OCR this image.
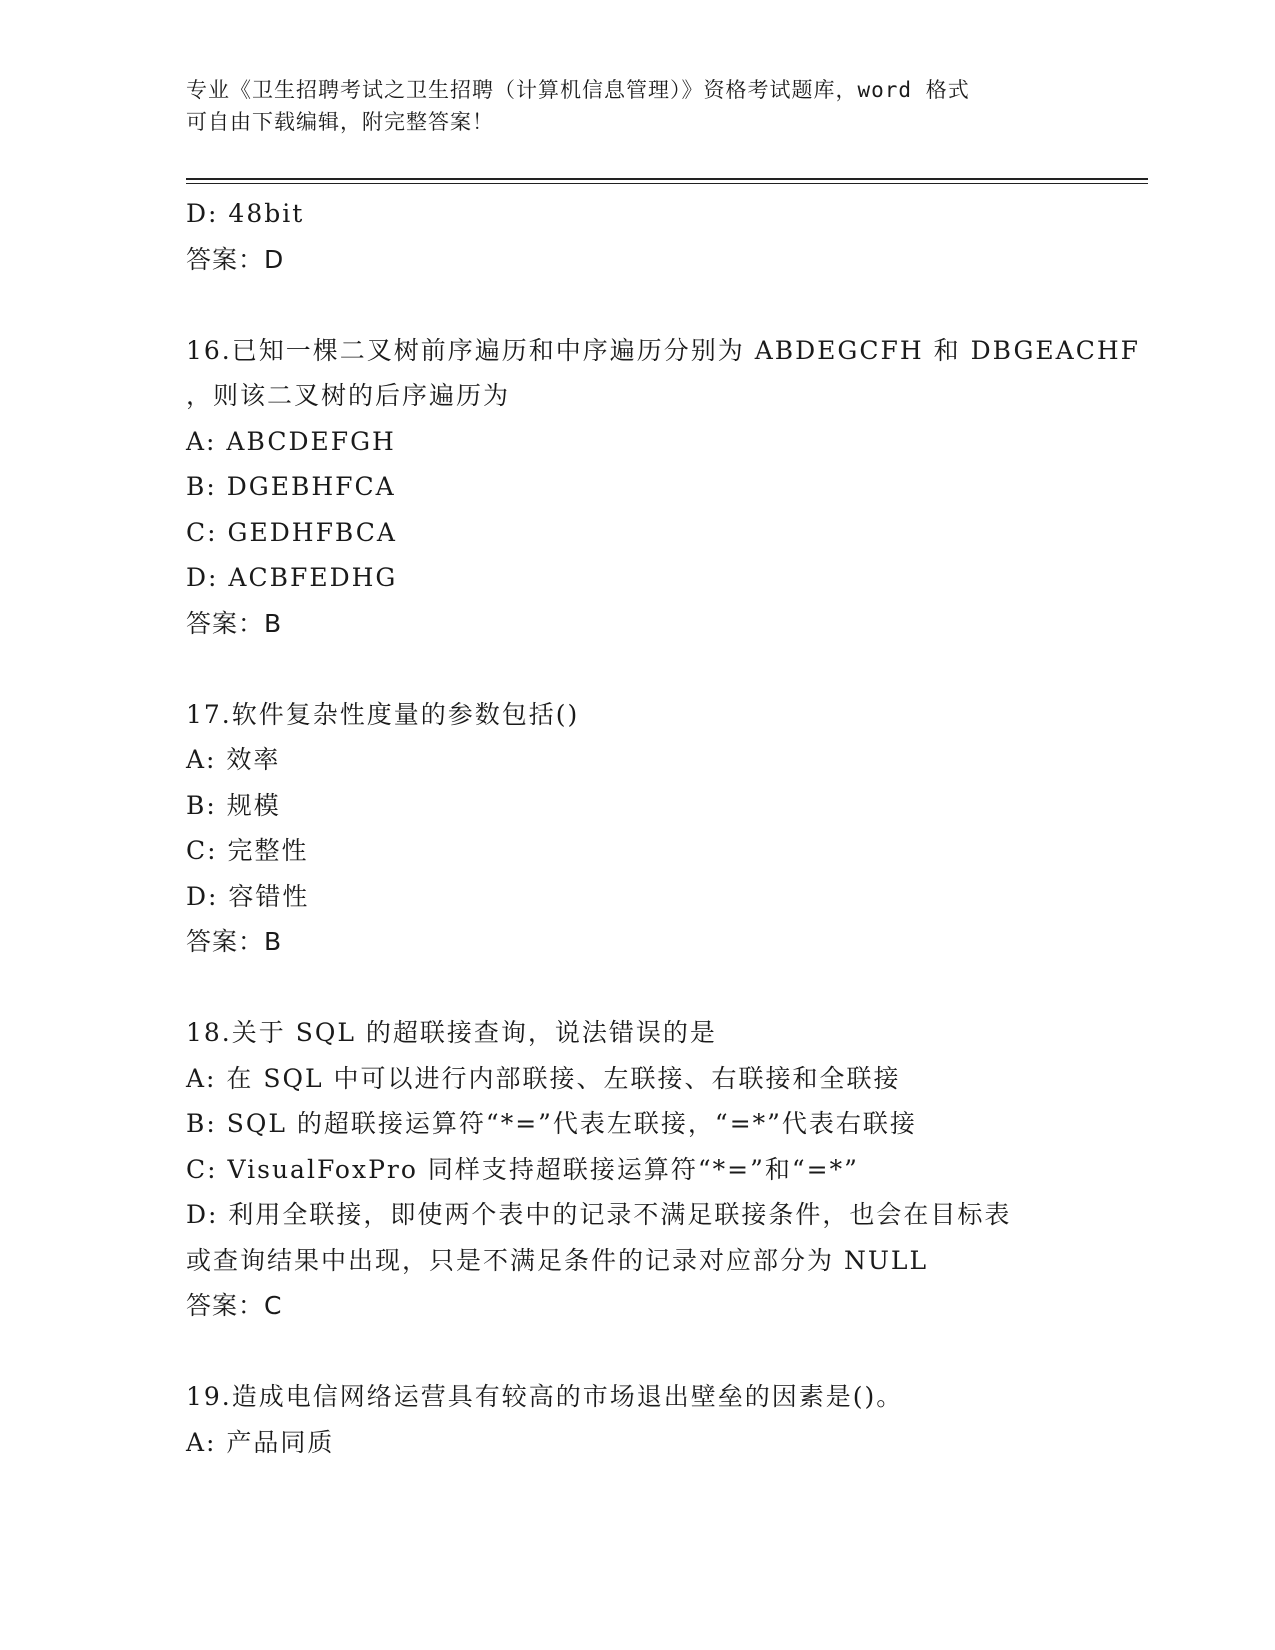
专业《卫生招聘考试之卫生招聘（计算机信息管理）》资格考试题库，word 格式
可自由下载编辑，附完整答案！
D: 48bit
答案：D
16.已知一棵二叉树前序遍历和中序遍历分别为 ABDEGCFH 和 DBGEACHF
，则该二叉树的后序遍历为
A: ABCDEFGH
B: DGEBHFCA
C: GEDHFBCA
D: ACBFEDHG
答案：B
17.软件复杂性度量的参数包括()
A: 效率
B: 规模
C: 完整性
D: 容错性
答案：B
18.关于 SQL 的超联接查询，说法错误的是
A: 在 SQL 中可以进行内部联接、左联接、右联接和全联接
B: SQL 的超联接运算符“*=”代表左联接，“=*”代表右联接
C: VisualFoxPro 同样支持超联接运算符“*=”和“=*”
D: 利用全联接，即使两个表中的记录不满足联接条件，也会在目标表
或查询结果中出现，只是不满足条件的记录对应部分为 NULL
答案：C
19.造成电信网络运营具有较高的市场退出壁垒的因素是()。
A: 产品同质
